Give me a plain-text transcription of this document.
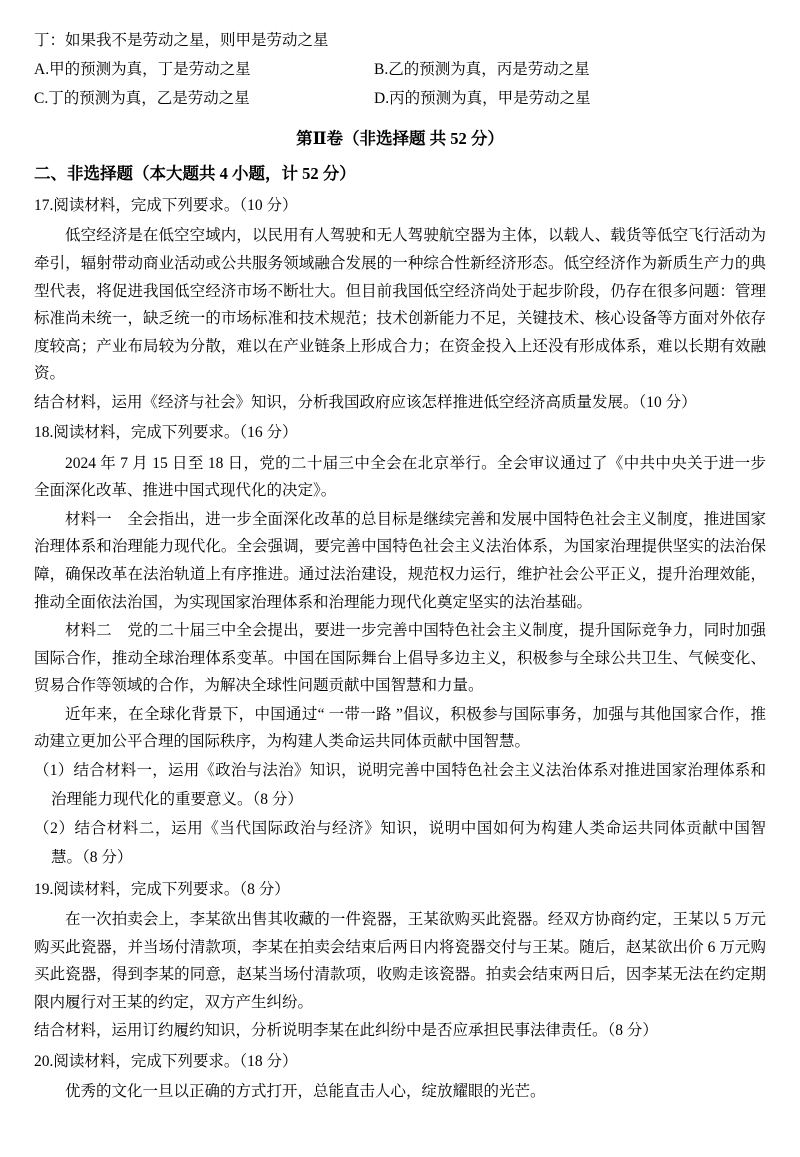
丁：如果我不是劳动之星，则甲是劳动之星

A.甲的预测为真，丁是劳动之星	B.乙的预测为真，丙是劳动之星
C.丁的预测为真，乙是劳动之星	D.丙的预测为真，甲是劳动之星

第Ⅱ卷（非选择题 共 52 分）

二、非选择题（本大题共 4 小题，计 52 分）

17.阅读材料，完成下列要求。（10 分）

低空经济是在低空空域内，以民用有人驾驶和无人驾驶航空器为主体，以载人、载货等低空飞行活动为牵引，辐射带动商业活动或公共服务领域融合发展的一种综合性新经济形态。低空经济作为新质生产力的典型代表，将促进我国低空经济市场不断壮大。但目前我国低空经济尚处于起步阶段，仍存在很多问题：管理标准尚未统一，缺乏统一的市场标准和技术规范；技术创新能力不足，关键技术、核心设备等方面对外依存度较高；产业布局较为分散，难以在产业链条上形成合力；在资金投入上还没有形成体系，难以长期有效融资。

结合材料，运用《经济与社会》知识，分析我国政府应该怎样推进低空经济高质量发展。（10 分）

18.阅读材料，完成下列要求。（16 分）

2024 年 7 月 15 日至 18 日，党的二十届三中全会在北京举行。全会审议通过了《中共中央关于进一步全面深化改革、推进中国式现代化的决定》。

材料一　全会指出，进一步全面深化改革的总目标是继续完善和发展中国特色社会主义制度，推进国家治理体系和治理能力现代化。全会强调，要完善中国特色社会主义法治体系，为国家治理提供坚实的法治保障，确保改革在法治轨道上有序推进。通过法治建设，规范权力运行，维护社会公平正义，提升治理效能，推动全面依法治国，为实现国家治理体系和治理能力现代化奠定坚实的法治基础。

材料二　党的二十届三中全会提出，要进一步完善中国特色社会主义制度，提升国际竞争力，同时加强国际合作，推动全球治理体系变革。中国在国际舞台上倡导多边主义，积极参与全球公共卫生、气候变化、贸易合作等领域的合作，为解决全球性问题贡献中国智慧和力量。

近年来，在全球化背景下，中国通过“ 一带一路 ”倡议，积极参与国际事务，加强与其他国家合作，推动建立更加公平合理的国际秩序，为构建人类命运共同体贡献中国智慧。

（1）结合材料一，运用《政治与法治》知识，说明完善中国特色社会主义法治体系对推进国家治理体系和治理能力现代化的重要意义。（8 分）

（2）结合材料二，运用《当代国际政治与经济》知识，说明中国如何为构建人类命运共同体贡献中国智慧。（8 分）

19.阅读材料，完成下列要求。（8 分）

在一次拍卖会上，李某欲出售其收藏的一件瓷器，王某欲购买此瓷器。经双方协商约定，王某以 5 万元购买此瓷器，并当场付清款项，李某在拍卖会结束后两日内将瓷器交付与王某。随后，赵某欲出价 6 万元购买此瓷器，得到李某的同意，赵某当场付清款项，收购走该瓷器。拍卖会结束两日后，因李某无法在约定期限内履行对王某的约定，双方产生纠纷。

结合材料，运用订约履约知识，分析说明李某在此纠纷中是否应承担民事法律责任。（8 分）

20.阅读材料，完成下列要求。（18 分）

优秀的文化一旦以正确的方式打开，总能直击人心，绽放耀眼的光芒。
